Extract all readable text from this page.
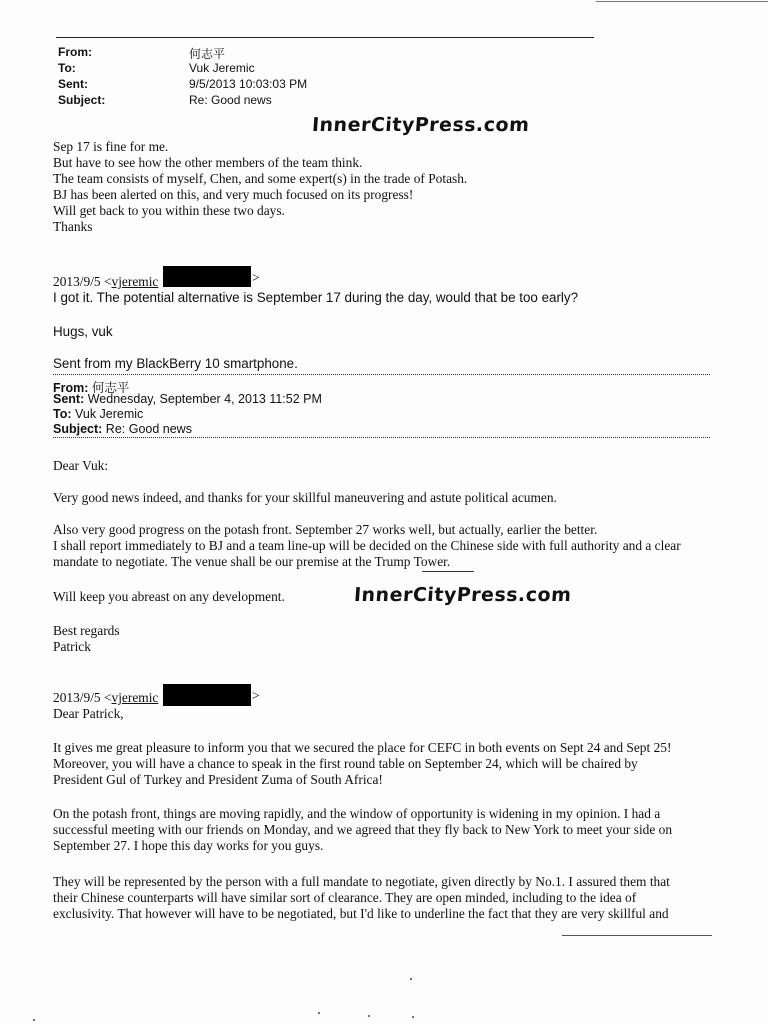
From:	何志平
To:	Vuk Jeremic
Sent:	9/5/2013 10:03:03 PM
Subject:	Re: Good news
InnerCityPress.com
Sep 17 is fine for me.
But have to see how the other members of the team think.
The team consists of myself, Chen, and some expert(s) in the trade of Potash.
BJ has been alerted on this, and very much focused on its progress!
Will get back to you within these two days.
Thanks
2013/9/5 <vjeremic	>
I got it. The potential alternative is September 17 during the day, would that be too early?
Hugs, vuk
Sent from my BlackBerry 10 smartphone.
From: 何志平
Sent: Wednesday, September 4, 2013 11:52 PM
To: Vuk Jeremic
Subject: Re: Good news
Dear Vuk:
Very good news indeed, and thanks for your skillful maneuvering and astute political acumen.
Also very good progress on the potash front. September 27 works well, but actually, earlier the better.
I shall report immediately to BJ and a team line-up will be decided on the Chinese side with full authority and a clear
mandate to negotiate. The venue shall be our premise at the Trump Tower.
Will keep you abreast on any development.	InnerCityPress.com
Best regards
Patrick
2013/9/5 <vjeremic	>
Dear Patrick,
It gives me great pleasure to inform you that we secured the place for CEFC in both events on Sept 24 and Sept 25!
Moreover, you will have a chance to speak in the first round table on September 24, which will be chaired by
President Gul of Turkey and President Zuma of South Africa!
On the potash front, things are moving rapidly, and the window of opportunity is widening in my opinion. I had a
successful meeting with our friends on Monday, and we agreed that they fly back to New York to meet your side on
September 27. I hope this day works for you guys.
They will be represented by the person with a full mandate to negotiate, given directly by No.1. I assured them that
their Chinese counterparts will have similar sort of clearance. They are open minded, including to the idea of
exclusivity. That however will have to be negotiated, but I'd like to underline the fact that they are very skillful and
